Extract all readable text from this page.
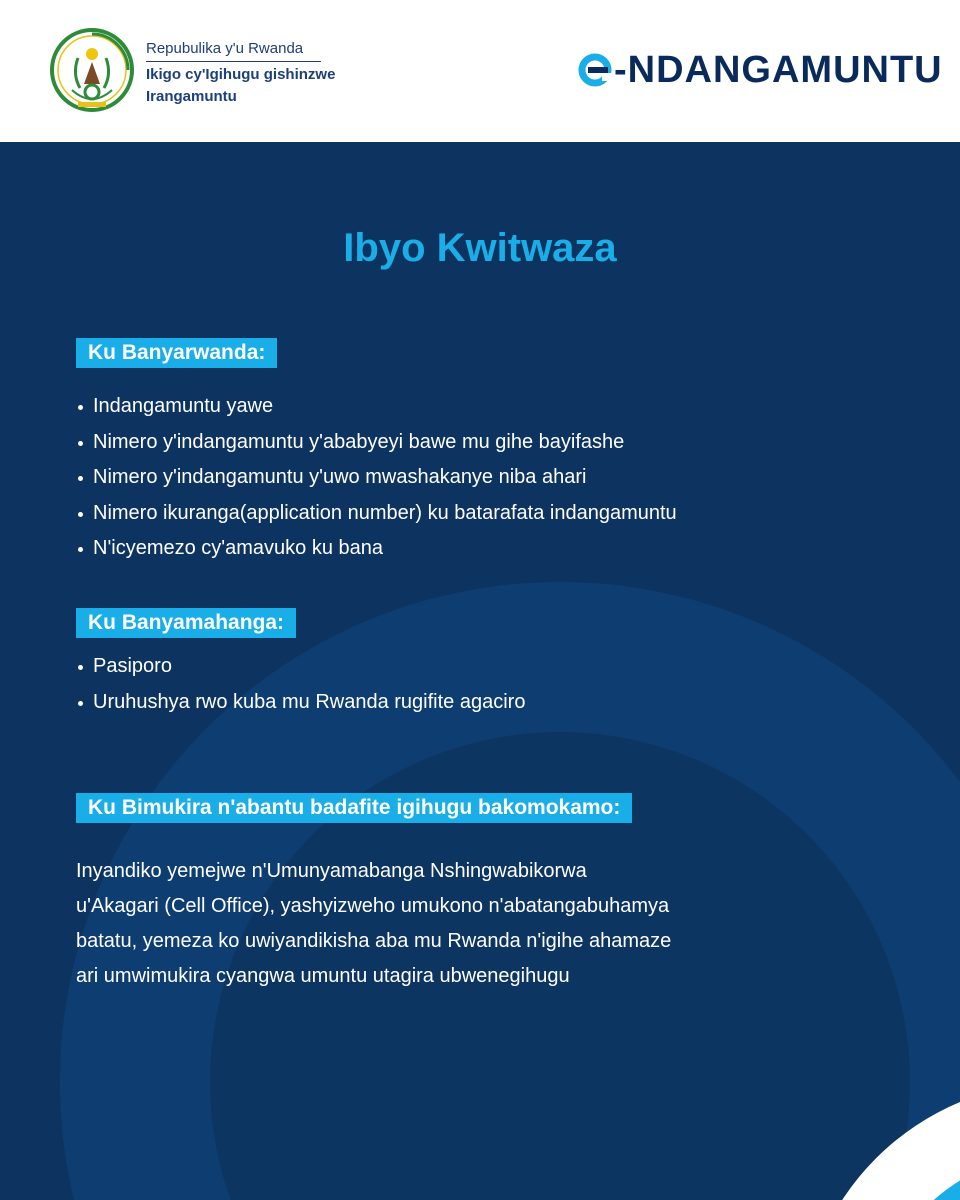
Repubulika y'u Rwanda
Ikigo cy'Igihugu gishinzwe
Irangamuntu
-NDANGAMUNTU
Ibyo Kwitwaza
Ku Banyarwanda:
Indangamuntu yawe
Nimero y'indangamuntu y'ababyeyi bawe mu gihe bayifashe
Nimero y'indangamuntu y'uwo mwashakanye niba ahari
Nimero ikuranga(application number) ku batarafata indangamuntu
N'icyemezo cy'amavuko ku bana
Ku Banyamahanga:
Pasiporo
Uruhushya rwo kuba mu Rwanda rugifite agaciro
Ku Bimukira n'abantu badafite igihugu bakomokamo:
Inyandiko yemejwe n'Umunyamabanga Nshingwabikorwa
u'Akagari (Cell Office), yashyizweho umukono n'abatangabuhamya
batatu, yemeza ko uwiyandikisha aba mu Rwanda n'igihe ahamaze
ari umwimukira cyangwa umuntu utagira ubwenegihugu
